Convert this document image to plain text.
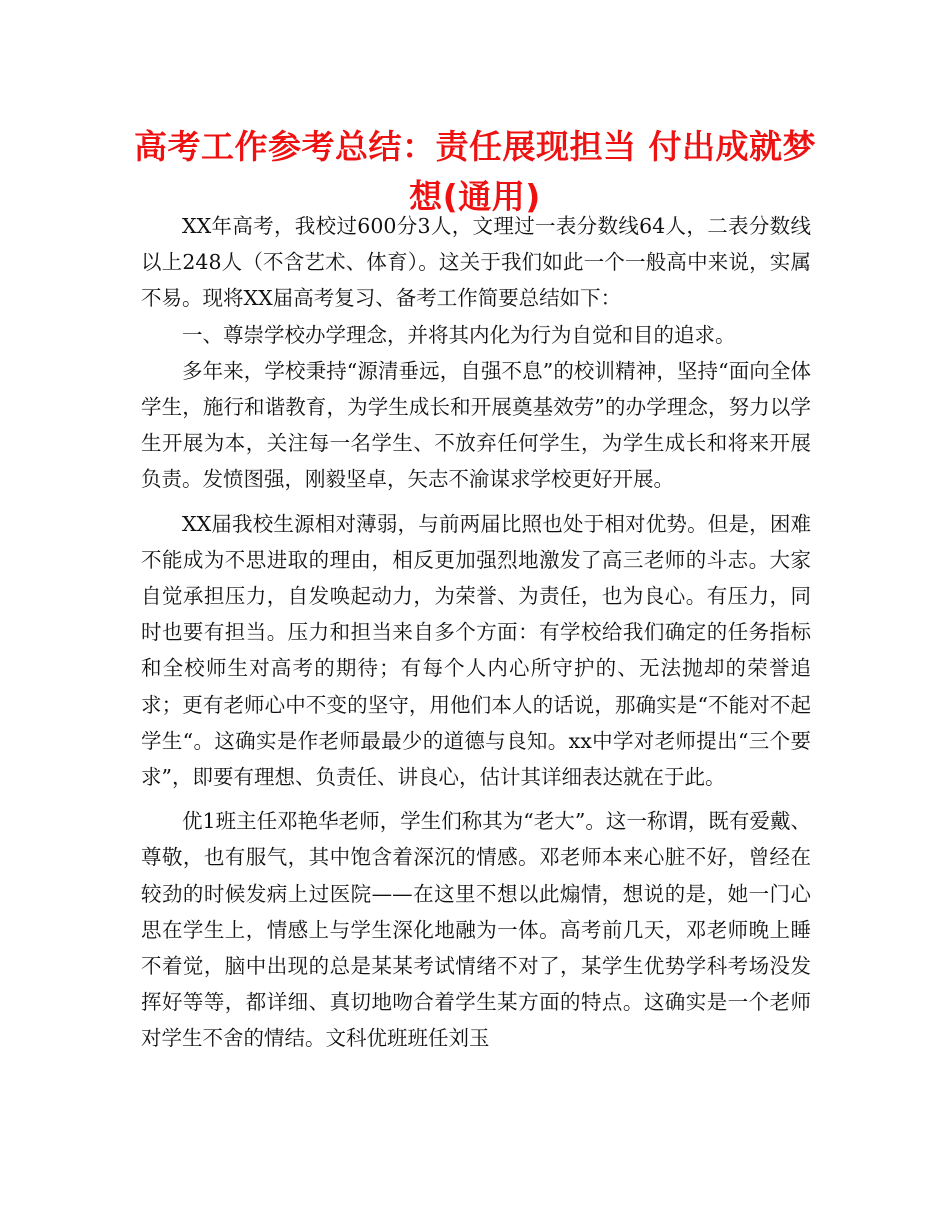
高考工作参考总结：责任展现担当 付出成就梦想(通用)

XX年高考，我校过600分3人，文理过一表分数线64人，二表分数线以上248人（不含艺术、体育）。这关于我们如此一个一般高中来说，实属不易。现将XX届高考复习、备考工作简要总结如下：

一、尊崇学校办学理念，并将其内化为行为自觉和目的追求。

多年来，学校秉持“源清垂远，自强不息”的校训精神，坚持“面向全体学生，施行和谐教育，为学生成长和开展奠基效劳”的办学理念，努力以学生开展为本，关注每一名学生、不放弃任何学生，为学生成长和将来开展负责。发愤图强，刚毅坚卓，矢志不渝谋求学校更好开展。

XX届我校生源相对薄弱，与前两届比照也处于相对优势。但是，困难不能成为不思进取的理由，相反更加强烈地激发了高三老师的斗志。大家自觉承担压力，自发唤起动力，为荣誉、为责任，也为良心。有压力，同时也要有担当。压力和担当来自多个方面：有学校给我们确定的任务指标和全校师生对高考的期待；有每个人内心所守护的、无法抛却的荣誉追求；更有老师心中不变的坚守，用他们本人的话说，那确实是“不能对不起学生“。这确实是作老师最最少的道德与良知。xx中学对老师提出“三个要求”，即要有理想、负责任、讲良心，估计其详细表达就在于此。

优1班主任邓艳华老师，学生们称其为“老大”。这一称谓，既有爱戴、尊敬，也有服气，其中饱含着深沉的情感。邓老师本来心脏不好，曾经在较劲的时候发病上过医院——在这里不想以此煽情，想说的是，她一门心思在学生上，情感上与学生深化地融为一体。高考前几天，邓老师晚上睡不着觉，脑中出现的总是某某考试情绪不对了，某学生优势学科考场没发挥好等等，都详细、真切地吻合着学生某方面的特点。这确实是一个老师对学生不舍的情结。文科优班班任刘玉
